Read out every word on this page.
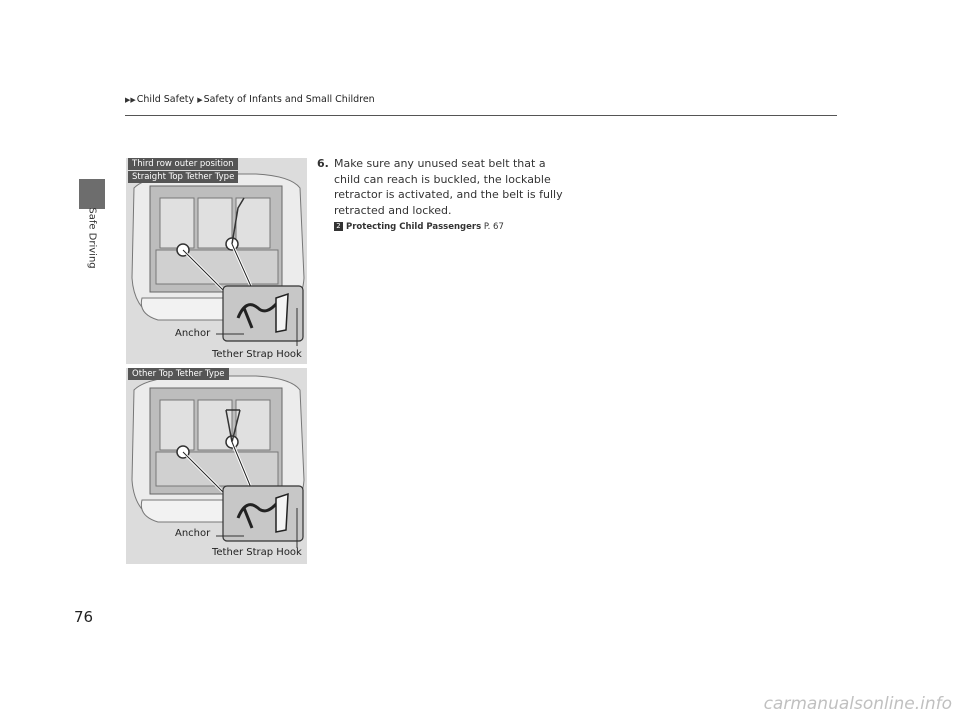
▶▶Child Safety ▶Safety of Infants and Small Children
Safe Driving
Third row outer position
Straight Top Tether Type
Anchor
Tether Strap Hook
Other Top Tether Type
Anchor
Tether Strap Hook
6. Make sure any unused seat belt that a child can reach is buckled, the lockable retractor is activated, and the belt is fully retracted and locked.
2 Protecting Child Passengers P. 67
76
carmanualsonline.info
